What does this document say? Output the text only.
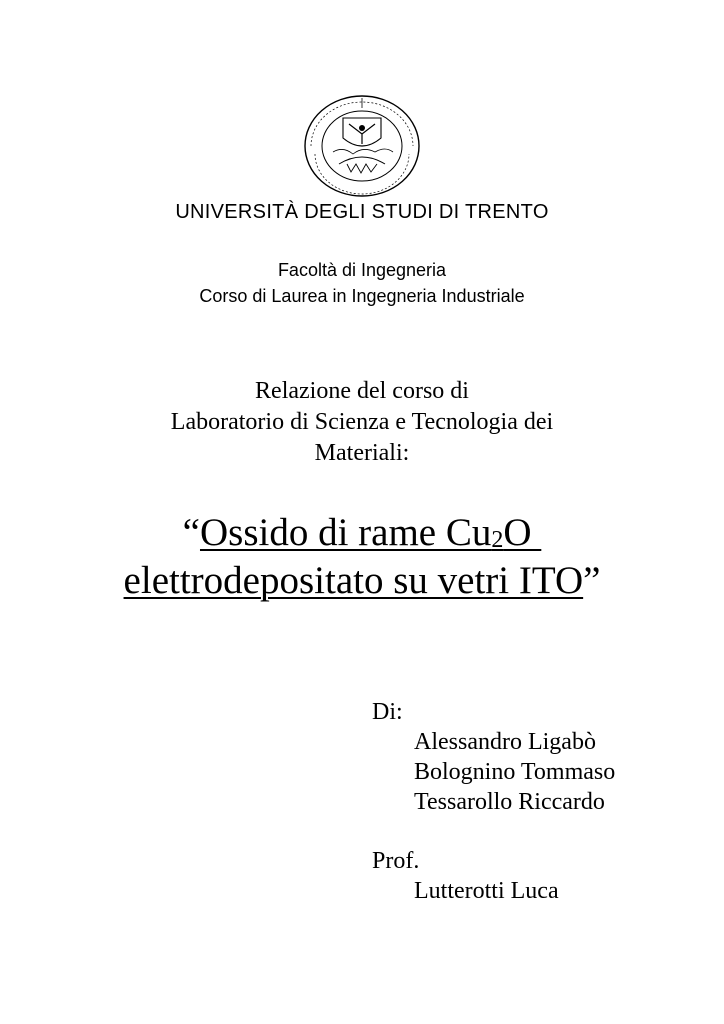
UNIVERSITÀ DEGLI STUDI DI TRENTO
Facoltà di Ingegneria
Corso di Laurea in Ingegneria Industriale
Relazione del corso di
Laboratorio di Scienza e Tecnologia dei
Materiali:
“Ossido di rame $Cu_2O$
elettrodepositato su vetri ITO”
Di:
Alessandro Ligabò
Bolognino Tommaso
Tessarollo Riccardo
Prof.
Lutterotti Luca
